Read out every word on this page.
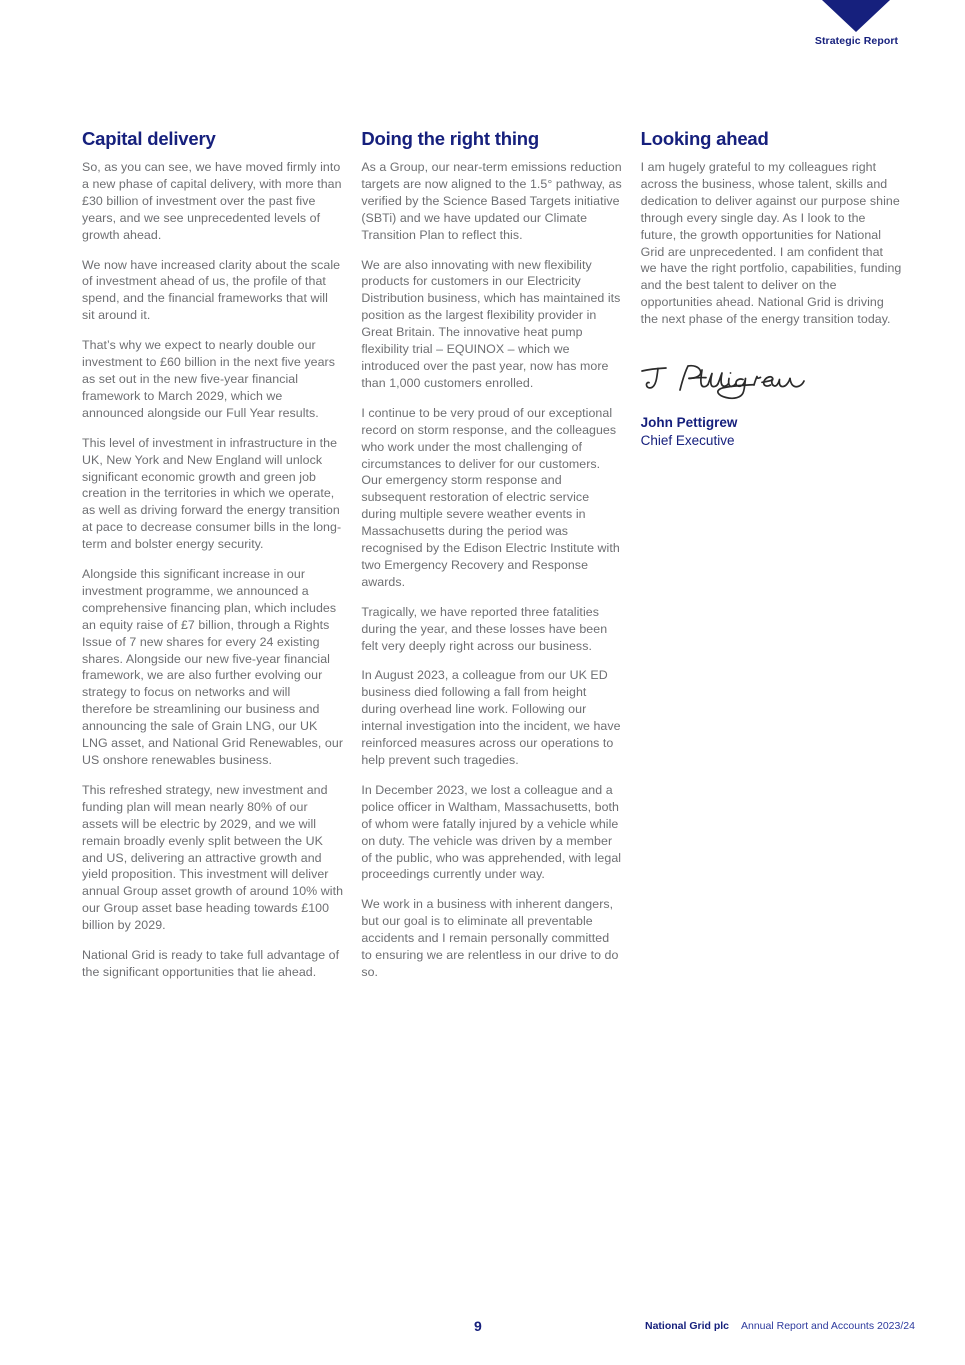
Strategic Report
Capital delivery

So, as you can see, we have moved firmly into a new phase of capital delivery, with more than £30 billion of investment over the past five years, and we see unprecedented levels of growth ahead.

We now have increased clarity about the scale of investment ahead of us, the profile of that spend, and the financial frameworks that will sit around it.

That’s why we expect to nearly double our investment to £60 billion in the next five years as set out in the new five-year financial framework to March 2029, which we announced alongside our Full Year results.

This level of investment in infrastructure in the UK, New York and New England will unlock significant economic growth and green job creation in the territories in which we operate, as well as driving forward the energy transition at pace to decrease consumer bills in the long-term and bolster energy security.

Alongside this significant increase in our investment programme, we announced a comprehensive financing plan, which includes an equity raise of £7 billion, through a Rights Issue of 7 new shares for every 24 existing shares. Alongside our new five-year financial framework, we are also further evolving our strategy to focus on networks and will therefore be streamlining our business and announcing the sale of Grain LNG, our UK LNG asset, and National Grid Renewables, our US onshore renewables business.

This refreshed strategy, new investment and funding plan will mean nearly 80% of our assets will be electric by 2029, and we will remain broadly evenly split between the UK and US, delivering an attractive growth and yield proposition. This investment will deliver annual Group asset growth of around 10% with our Group asset base heading towards £100 billion by 2029.

National Grid is ready to take full advantage of the significant opportunities that lie ahead.

Doing the right thing

As a Group, our near-term emissions reduction targets are now aligned to the 1.5° pathway, as verified by the Science Based Targets initiative (SBTi) and we have updated our Climate Transition Plan to reflect this.

We are also innovating with new flexibility products for customers in our Electricity Distribution business, which has maintained its position as the largest flexibility provider in Great Britain. The innovative heat pump flexibility trial – EQUINOX – which we introduced over the past year, now has more than 1,000 customers enrolled.

I continue to be very proud of our exceptional record on storm response, and the colleagues who work under the most challenging of circumstances to deliver for our customers. Our emergency storm response and subsequent restoration of electric service during multiple severe weather events in Massachusetts during the period was recognised by the Edison Electric Institute with two Emergency Recovery and Response awards.

Tragically, we have reported three fatalities during the year, and these losses have been felt very deeply right across our business.

In August 2023, a colleague from our UK ED business died following a fall from height during overhead line work. Following our internal investigation into the incident, we have reinforced measures across our operations to help prevent such tragedies.

In December 2023, we lost a colleague and a police officer in Waltham, Massachusetts, both of whom were fatally injured by a vehicle while on duty. The vehicle was driven by a member of the public, who was apprehended, with legal proceedings currently under way.

We work in a business with inherent dangers, but our goal is to eliminate all preventable accidents and I remain personally committed to ensuring we are relentless in our drive to do so.

Looking ahead

I am hugely grateful to my colleagues right across the business, whose talent, skills and dedication to deliver against our purpose shine through every single day. As I look to the future, the growth opportunities for National Grid are unprecedented. I am confident that we have the right portfolio, capabilities, funding and the best talent to deliver on the opportunities ahead. National Grid is driving the next phase of the energy transition today.

John Pettigrew

Chief Executive

9	National Grid plc Annual Report and Accounts 2023/24
